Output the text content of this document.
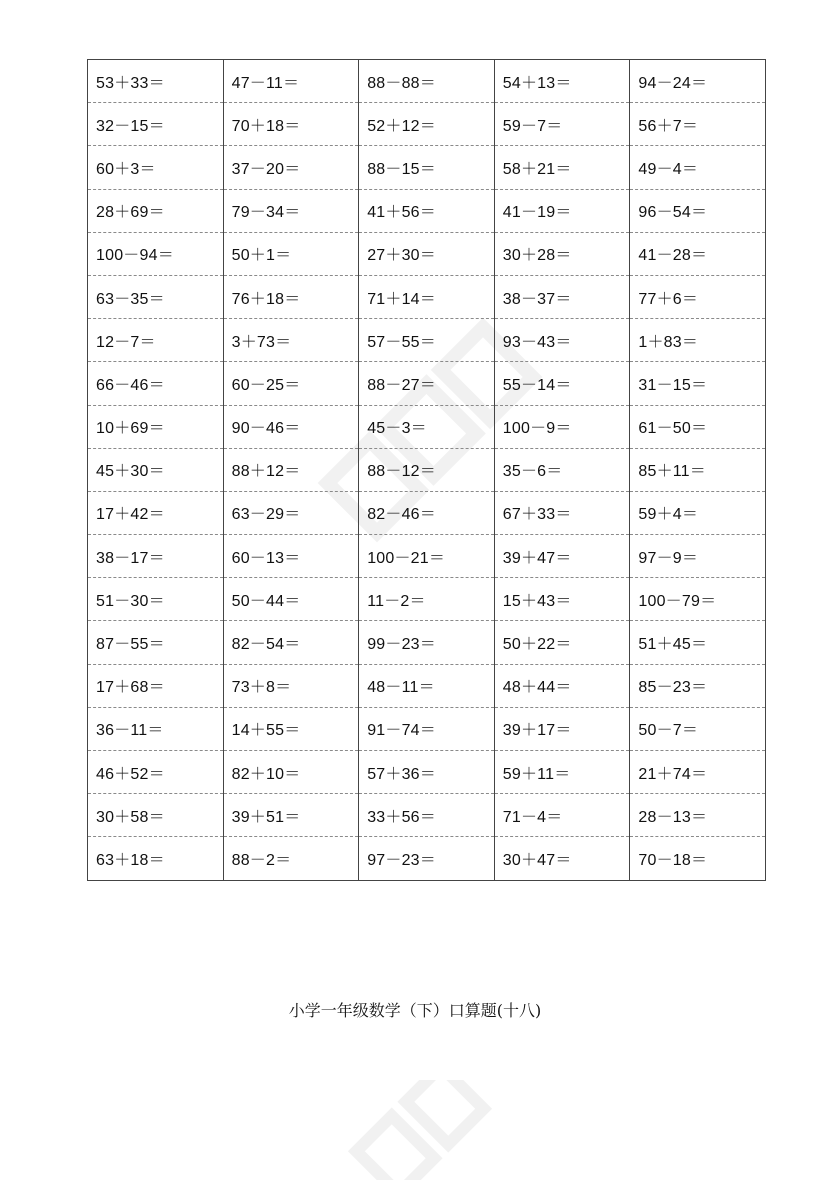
53＋33＝	47－11＝	88－88＝	54＋13＝	94－24＝
32－15＝	70＋18＝	52＋12＝	59－7＝	56＋7＝
60＋3＝	37－20＝	88－15＝	58＋21＝	49－4＝
28＋69＝	79－34＝	41＋56＝	41－19＝	96－54＝
100－94＝	50＋1＝	27＋30＝	30＋28＝	41－28＝
63－35＝	76＋18＝	71＋14＝	38－37＝	77＋6＝
12－7＝	3＋73＝	57－55＝	93－43＝	1＋83＝
66－46＝	60－25＝	88－27＝	55－14＝	31－15＝
10＋69＝	90－46＝	45－3＝	100－9＝	61－50＝
45＋30＝	88＋12＝	88－12＝	35－6＝	85＋11＝
17＋42＝	63－29＝	82－46＝	67＋33＝	59＋4＝
38－17＝	60－13＝	100－21＝	39＋47＝	97－9＝
51－30＝	50－44＝	11－2＝	15＋43＝	100－79＝
87－55＝	82－54＝	99－23＝	50＋22＝	51＋45＝
17＋68＝	73＋8＝	48－11＝	48＋44＝	85－23＝
36－11＝	14＋55＝	91－74＝	39＋17＝	50－7＝
46＋52＝	82＋10＝	57＋36＝	59＋11＝	21＋74＝
30＋58＝	39＋51＝	33＋56＝	71－4＝	28－13＝
63＋18＝	88－2＝	97－23＝	30＋47＝	70－18＝
小学一年级数学（下）口算题(十八)
